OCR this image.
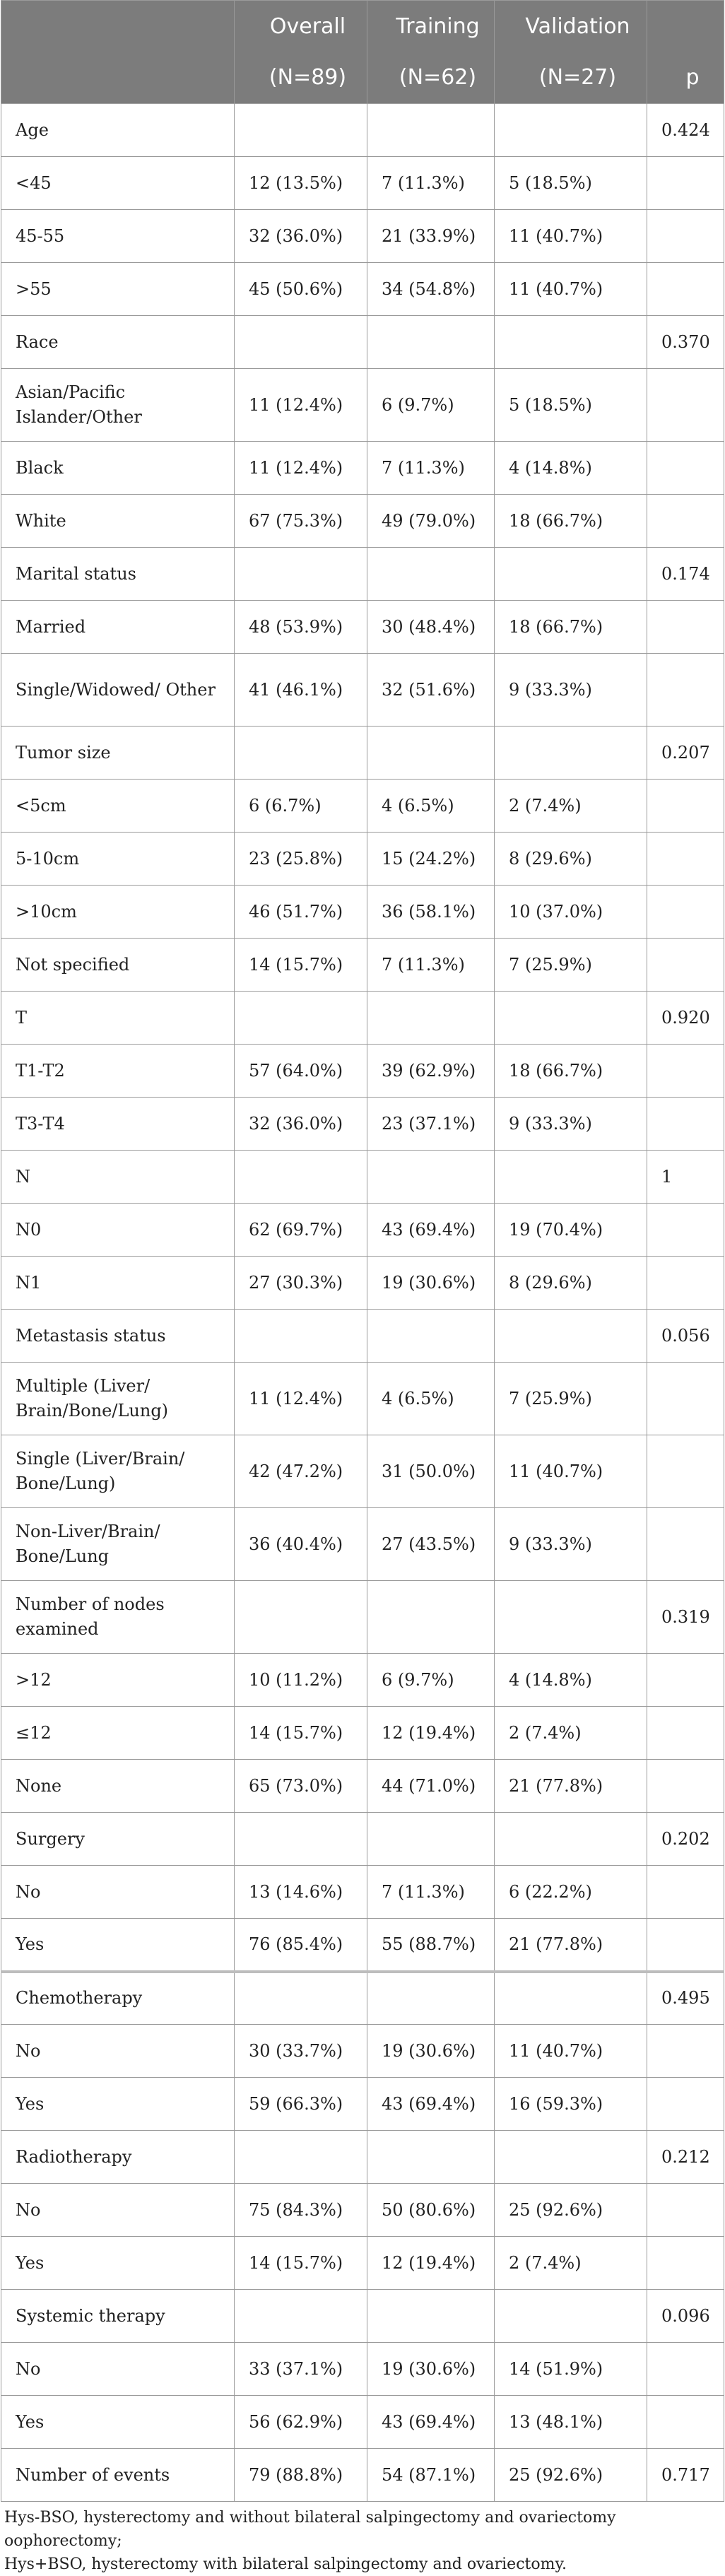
	Overall	Training	Validation	
	(N=89)	(N=62)	(N=27)	p
Age				0.424
<45	12 (13.5%)	7 (11.3%)	5 (18.5%)	
45-55	32 (36.0%)	21 (33.9%)	11 (40.7%)	
>55	45 (50.6%)	34 (54.8%)	11 (40.7%)	
Race				0.370
Asian/Pacific Islander/Other	11 (12.4%)	6 (9.7%)	5 (18.5%)	
Black	11 (12.4%)	7 (11.3%)	4 (14.8%)	
White	67 (75.3%)	49 (79.0%)	18 (66.7%)	
Marital status				0.174
Married	48 (53.9%)	30 (48.4%)	18 (66.7%)	
Single/Widowed/ Other	41 (46.1%)	32 (51.6%)	9 (33.3%)	
Tumor size				0.207
<5cm	6 (6.7%)	4 (6.5%)	2 (7.4%)	
5-10cm	23 (25.8%)	15 (24.2%)	8 (29.6%)	
>10cm	46 (51.7%)	36 (58.1%)	10 (37.0%)	
Not specified	14 (15.7%)	7 (11.3%)	7 (25.9%)	
T				0.920
T1-T2	57 (64.0%)	39 (62.9%)	18 (66.7%)	
T3-T4	32 (36.0%)	23 (37.1%)	9 (33.3%)	
N				1
N0	62 (69.7%)	43 (69.4%)	19 (70.4%)	
N1	27 (30.3%)	19 (30.6%)	8 (29.6%)	
Metastasis status				0.056
Multiple (Liver/ Brain/Bone/Lung)	11 (12.4%)	4 (6.5%)	7 (25.9%)	
Single (Liver/Brain/ Bone/Lung)	42 (47.2%)	31 (50.0%)	11 (40.7%)	
Non-Liver/Brain/ Bone/Lung	36 (40.4%)	27 (43.5%)	9 (33.3%)	
Number of nodes examined				0.319
>12	10 (11.2%)	6 (9.7%)	4 (14.8%)	
≤12	14 (15.7%)	12 (19.4%)	2 (7.4%)	
None	65 (73.0%)	44 (71.0%)	21 (77.8%)	
Surgery				0.202
No	13 (14.6%)	7 (11.3%)	6 (22.2%)	
Yes	76 (85.4%)	55 (88.7%)	21 (77.8%)	
Chemotherapy				0.495
No	30 (33.7%)	19 (30.6%)	11 (40.7%)	
Yes	59 (66.3%)	43 (69.4%)	16 (59.3%)	
Radiotherapy				0.212
No	75 (84.3%)	50 (80.6%)	25 (92.6%)	
Yes	14 (15.7%)	12 (19.4%)	2 (7.4%)	
Systemic therapy				0.096
No	33 (37.1%)	19 (30.6%)	14 (51.9%)	
Yes	56 (62.9%)	43 (69.4%)	13 (48.1%)	
Number of events	79 (88.8%)	54 (87.1%)	25 (92.6%)	0.717
Hys-BSO, hysterectomy and without bilateral salpingectomy and ovariectomy oophorectomy;
Hys+BSO, hysterectomy with bilateral salpingectomy and ovariectomy.
